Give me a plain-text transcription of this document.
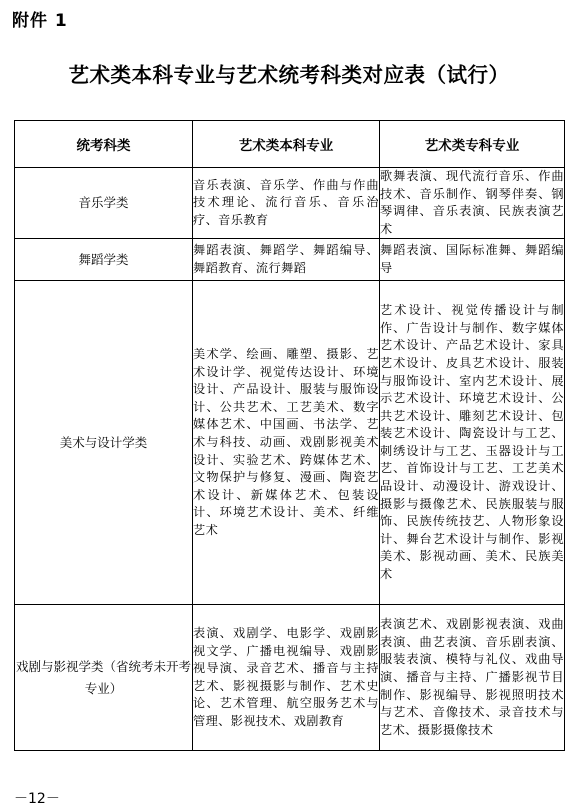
附件 1
艺术类本科专业与艺术统考科类对应表（试行）
统考科类	艺术类本科专业	艺术类专科专业
音乐学类	音乐表演、音乐学、作曲与作曲技术理论、流行音乐、音乐治疗、音乐教育	歌舞表演、现代流行音乐、作曲技术、音乐制作、钢琴伴奏、钢琴调律、音乐表演、民族表演艺术
舞蹈学类	舞蹈表演、舞蹈学、舞蹈编导、舞蹈教育、流行舞蹈	舞蹈表演、国际标准舞、舞蹈编导
美术与设计学类	美术学、绘画、雕塑、摄影、艺术设计学、视觉传达设计、环境设计、产品设计、服装与服饰设计、公共艺术、工艺美术、数字媒体艺术、中国画、书法学、艺术与科技、动画、戏剧影视美术设计、实验艺术、跨媒体艺术、文物保护与修复、漫画、陶瓷艺术设计、新媒体艺术、包装设计、环境艺术设计、美术、纤维艺术	艺术设计、视觉传播设计与制作、广告设计与制作、数字媒体艺术设计、产品艺术设计、家具艺术设计、皮具艺术设计、服装与服饰设计、室内艺术设计、展示艺术设计、环境艺术设计、公共艺术设计、雕刻艺术设计、包装艺术设计、陶瓷设计与工艺、刺绣设计与工艺、玉器设计与工艺、首饰设计与工艺、工艺美术品设计、动漫设计、游戏设计、摄影与摄像艺术、民族服装与服饰、民族传统技艺、人物形象设计、舞台艺术设计与制作、影视美术、影视动画、美术、民族美术
戏剧与影视学类（省统考未开考专业）	表演、戏剧学、电影学、戏剧影视文学、广播电视编导、戏剧影视导演、录音艺术、播音与主持艺术、影视摄影与制作、艺术史论、艺术管理、航空服务艺术与管理、影视技术、戏剧教育	表演艺术、戏剧影视表演、戏曲表演、曲艺表演、音乐剧表演、服装表演、模特与礼仪、戏曲导演、播音与主持、广播影视节目制作、影视编导、影视照明技术与艺术、音像技术、录音技术与艺术、摄影摄像技术
－12－
